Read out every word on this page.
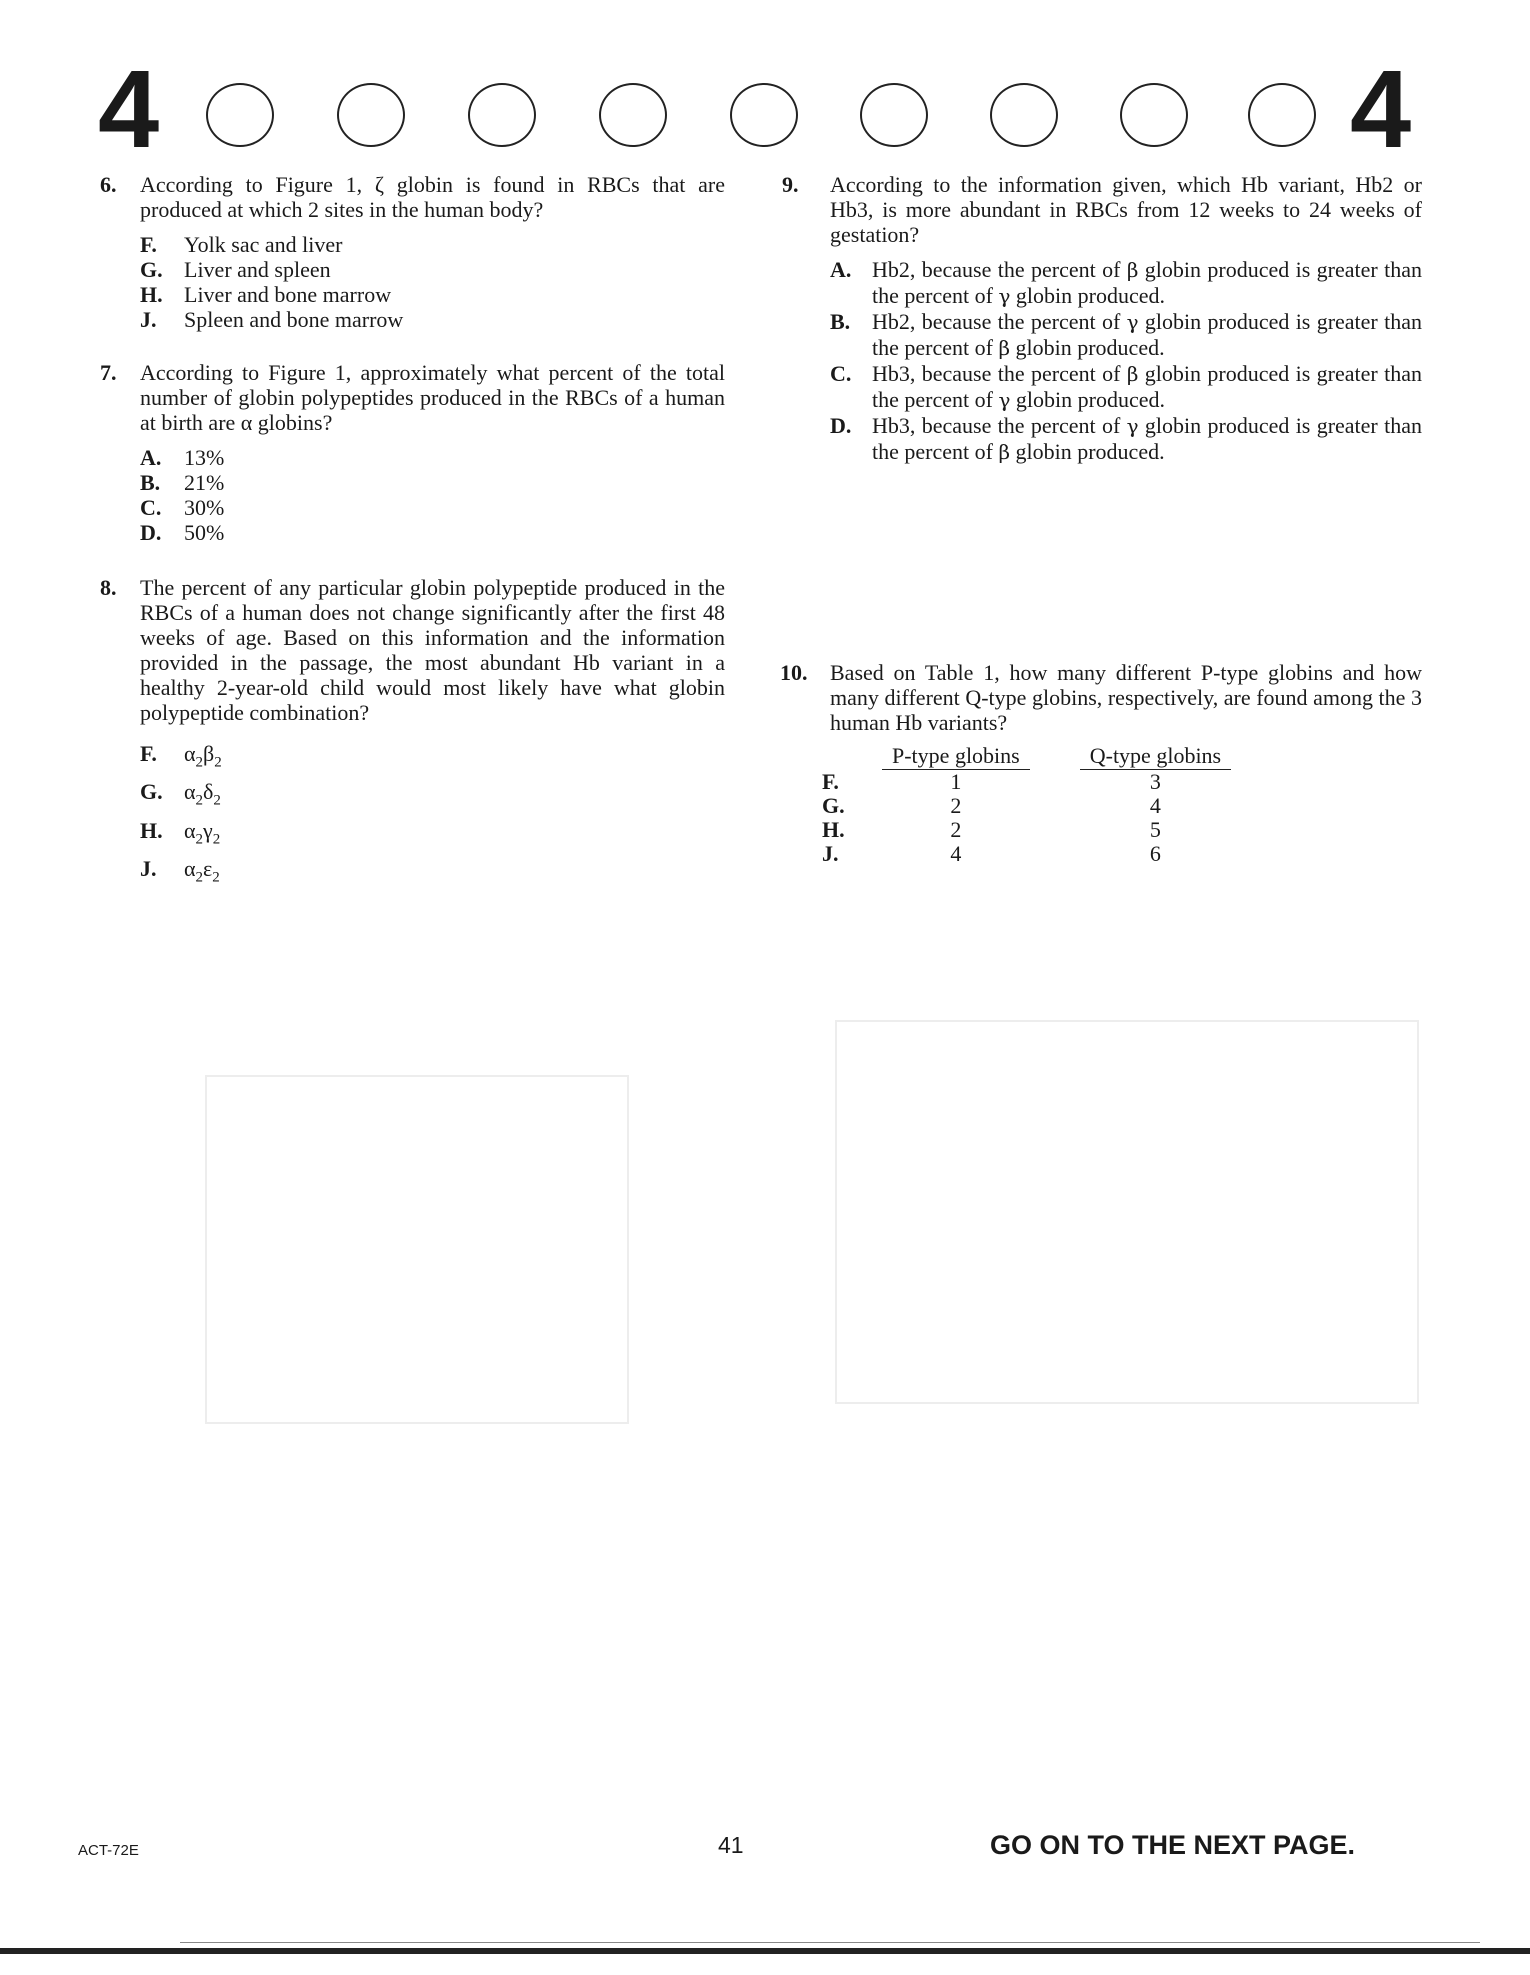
4	4
6. According to Figure 1, ζ globin is found in RBCs that are produced at which 2 sites in the human body?
F.	Yolk sac and liver
G. Liver and spleen
H. Liver and bone marrow
J.	Spleen and bone marrow
7. According to Figure 1, approximately what percent of the total number of globin polypeptides produced in the RBCs of a human at birth are α globins?
A.	13%
B.	21%
C.	30%
D.	50%
8. The percent of any particular globin polypeptide produced in the RBCs of a human does not change significantly after the first 48 weeks of age. Based on this information and the information provided in the passage, the most abundant Hb variant in a healthy 2-year-old child would most likely have what globin polypeptide combination?
F.	$\alpha_2\beta_2$
G. $\alpha_2\delta_2$
H. $\alpha_2\gamma_2$
J.	$\alpha_2\varepsilon_2$
9. According to the information given, which Hb variant, Hb2 or Hb3, is more abundant in RBCs from 12 weeks to 24 weeks of gestation?
A. Hb2, because the percent of β globin produced is greater than the percent of γ globin produced.
B. Hb2, because the percent of γ globin produced is greater than the percent of β globin produced.
C. Hb3, because the percent of β globin produced is greater than the percent of γ globin produced.
D. Hb3, because the percent of γ globin produced is greater than the percent of β globin produced.
10. Based on Table 1, how many different P-type globins and how many different Q-type globins, respectively, are found among the 3 human Hb variants?
	P-type globins		Q-type globins
F.	1		3
G.	2		4
H.	2		5
J.	4		6
ACT-72E	41	GO ON TO THE NEXT PAGE.
